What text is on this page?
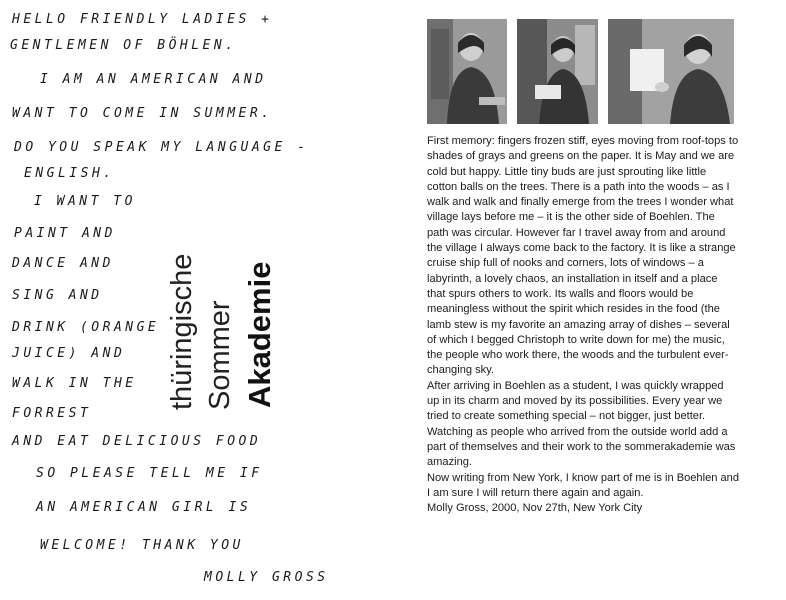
HELLO FRIENDLY LADIES +
GENTLEMEN OF BÖHLEN.
I AM AN AMERICAN AND
WANT TO COME IN SUMMER.
DO YOU SPEAK MY LANGUAGE -
ENGLISH.
I WANT TO
PAINT AND
DANCE AND
SING AND
DRINK (ORANGE
JUICE) AND
WALK IN THE
FORREST
AND EAT DELICIOUS FOOD
SO PLEASE TELL ME IF
AN AMERICAN GIRL IS
WELCOME! THANK YOU
MOLLY GROSS
thüringische Sommer Akademie

First memory: fingers frozen stiff, eyes moving from roof-tops to shades of grays and greens on the paper. It is May and we are cold but happy. Little tiny buds are just sprouting like little cotton balls on the trees. There is a path into the woods – as I walk and walk and finally emerge from the trees I wonder what village lays before me – it is the other side of Boehlen. The path was circular. However far I travel away from and around the village I always come back to the factory. It is like a strange cruise ship full of nooks and corners, lots of windows – a labyrinth, a lovely chaos, an installation in itself and a place that spurs others to work. Its walls and floors would be meaningless without the spirit which resides in the food (the lamb stew is my favorite an amazing array of dishes – several of which I begged Christoph to write down for me) the music, the people who work there, the woods and the turbulent ever-changing sky.

After arriving in Boehlen as a student, I was quickly wrapped up in its charm and moved by its possibilities. Every year we tried to create something special – not bigger, just better. Watching as people who arrived from the outside world add a part of themselves and their work to the sommerakademie was amazing.

Now writing from New York, I know part of me is in Boehlen and I am sure I will return there again and again.

Molly Gross, 2000, Nov 27th, New York City
